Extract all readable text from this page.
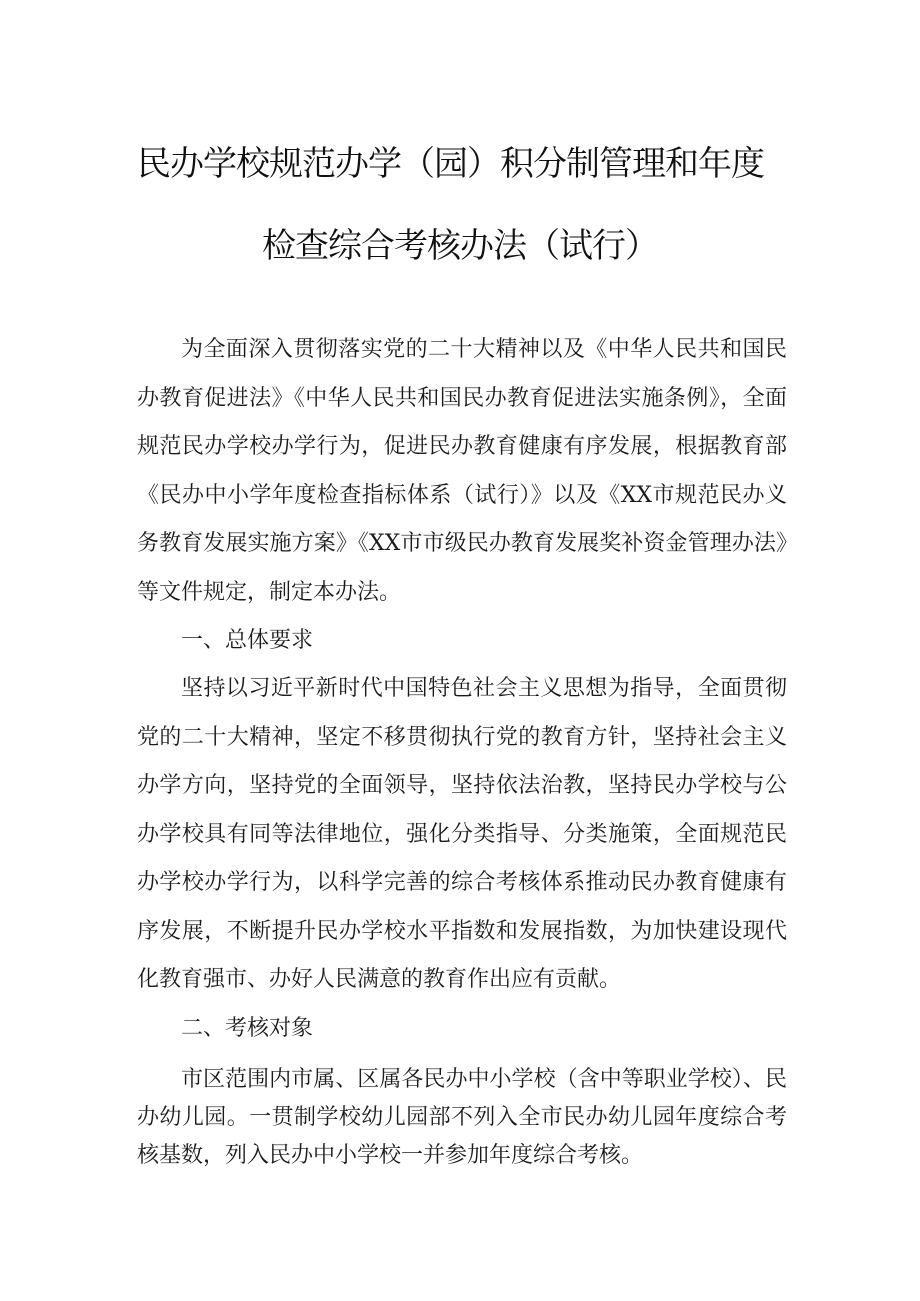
民办学校规范办学（园）积分制管理和年度
检查综合考核办法（试行）

为全面深入贯彻落实党的二十大精神以及《中华人民共和国民办教育促进法》《中华人民共和国民办教育促进法实施条例》，全面规范民办学校办学行为，促进民办教育健康有序发展，根据教育部《民办中小学年度检查指标体系（试行）》以及《XX市规范民办义务教育发展实施方案》《XX市市级民办教育发展奖补资金管理办法》等文件规定，制定本办法。

一、总体要求

坚持以习近平新时代中国特色社会主义思想为指导，全面贯彻党的二十大精神，坚定不移贯彻执行党的教育方针，坚持社会主义办学方向，坚持党的全面领导，坚持依法治教，坚持民办学校与公办学校具有同等法律地位，强化分类指导、分类施策，全面规范民办学校办学行为，以科学完善的综合考核体系推动民办教育健康有序发展，不断提升民办学校水平指数和发展指数，为加快建设现代化教育强市、办好人民满意的教育作出应有贡献。

二、考核对象

市区范围内市属、区属各民办中小学校（含中等职业学校）、民办幼儿园。一贯制学校幼儿园部不列入全市民办幼儿园年度综合考核基数，列入民办中小学校一并参加年度综合考核。
